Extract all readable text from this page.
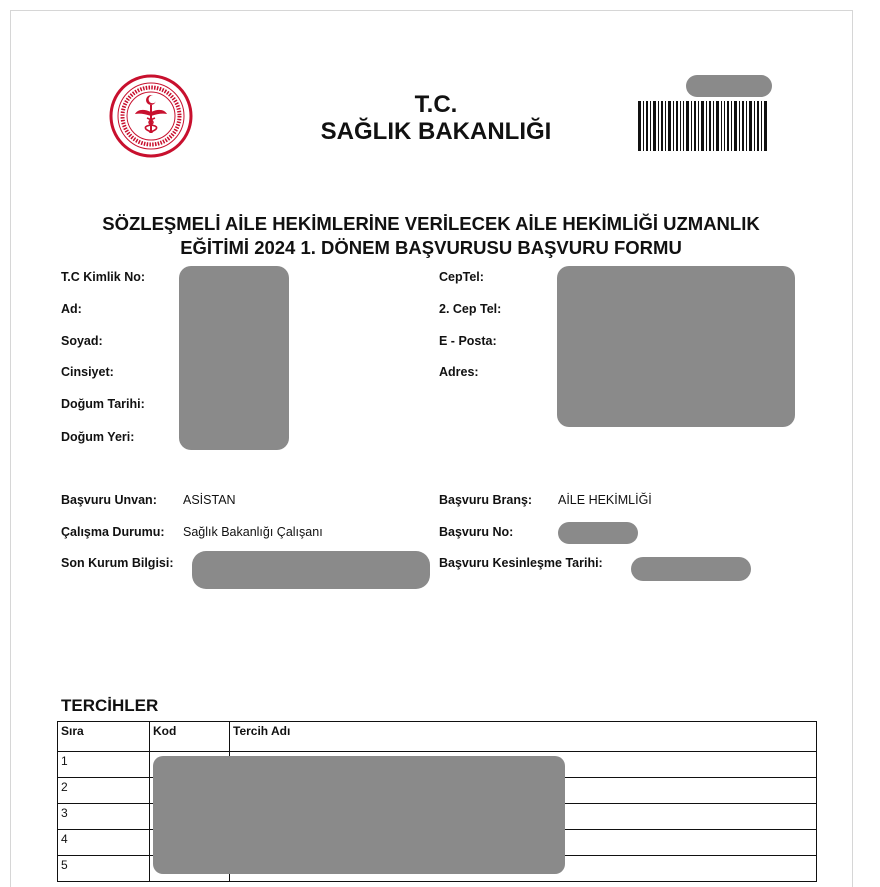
T.C.
SAĞLIK BAKANLIĞI
SÖZLEŞMELİ AİLE HEKİMLERİNE VERİLECEK AİLE HEKİMLİĞİ UZMANLIK
EĞİTİMİ 2024 1. DÖNEM BAŞVURUSU BAŞVURU FORMU
T.C Kimlik No:
Ad:
Soyad:
Cinsiyet:
Doğum Tarihi:
Doğum Yeri:
CepTel:
2. Cep Tel:
E - Posta:
Adres:
Başvuru Unvan: ASİSTAN
Çalışma Durumu: Sağlık Bakanlığı Çalışanı
Son Kurum Bilgisi:
Başvuru Branş: AİLE HEKİMLİĞİ
Başvuru No:
Başvuru Kesinleşme Tarihi:
TERCİHLER
Sıra	Kod	Tercih Adı
1		
2		
3		
4		
5		
